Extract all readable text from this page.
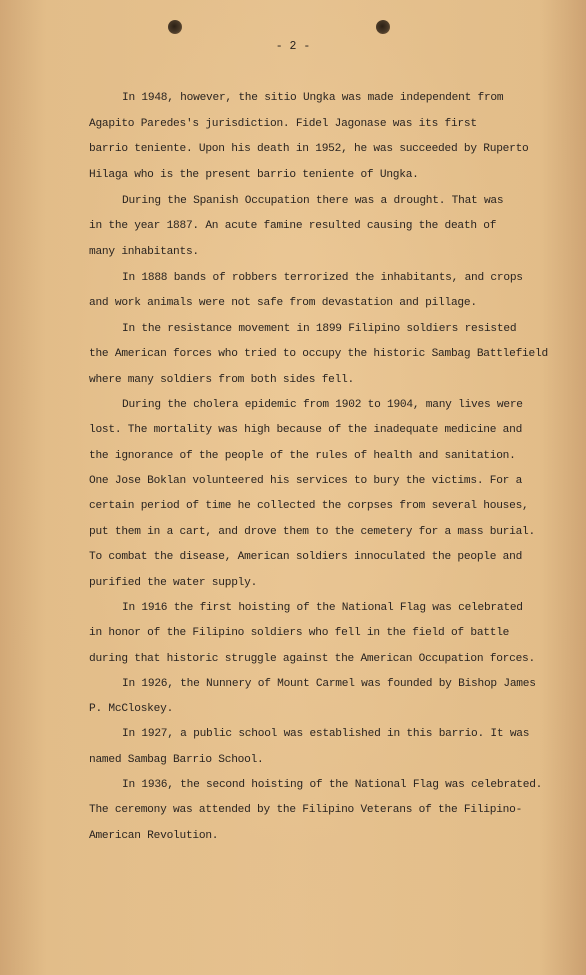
- 2 -
In 1948, however, the sitio Ungka was made independent from
Agapito Paredes's jurisdiction. Fidel Jagonase was its first
barrio teniente. Upon his death in 1952, he was succeeded by Ruperto
Hilaga who is the present barrio teniente of Ungka.
During the Spanish Occupation there was a drought. That was
in the year 1887. An acute famine resulted causing the death of
many inhabitants.
In 1888 bands of robbers terrorized the inhabitants, and crops
and work animals were not safe from devastation and pillage.
In the resistance movement in 1899 Filipino soldiers resisted
the American forces who tried to occupy the historic Sambag Battlefield
where many soldiers from both sides fell.
During the cholera epidemic from 1902 to 1904, many lives were
lost. The mortality was high because of the inadequate medicine and
the ignorance of the people of the rules of health and sanitation.
One Jose Boklan volunteered his services to bury the victims. For a
certain period of time he collected the corpses from several houses,
put them in a cart, and drove them to the cemetery for a mass burial.
To combat the disease, American soldiers innoculated the people and
purified the water supply.
In 1916 the first hoisting of the National Flag was celebrated
in honor of the Filipino soldiers who fell in the field of battle
during that historic struggle against the American Occupation forces.
In 1926, the Nunnery of Mount Carmel was founded by Bishop James
P. McCloskey.
In 1927, a public school was established in this barrio. It was
named Sambag Barrio School.
In 1936, the second hoisting of the National Flag was celebrated.
The ceremony was attended by the Filipino Veterans of the Filipino-
American Revolution.
